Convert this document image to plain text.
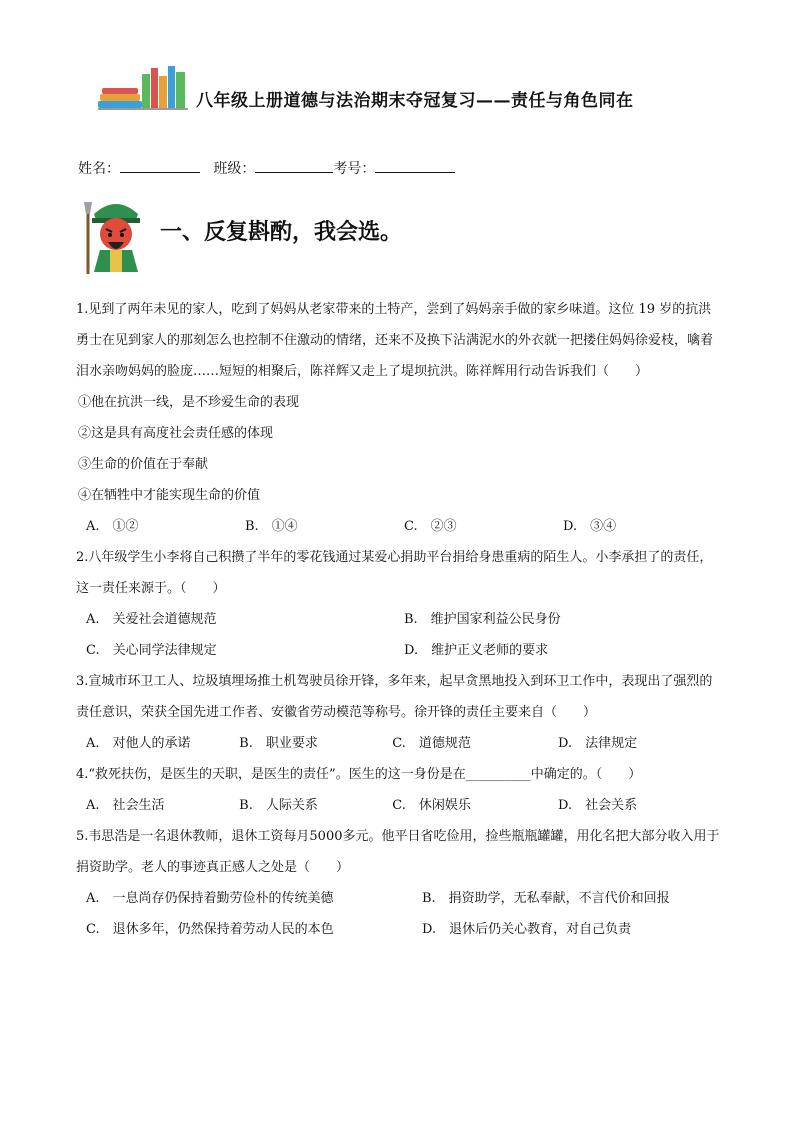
八年级上册道德与法治期末夺冠复习——责任与角色同在
姓名：	班级：	考号：
一、反复斟酌，我会选。

1.见到了两年未见的家人，吃到了妈妈从老家带来的土特产，尝到了妈妈亲手做的家乡味道。这位 19 岁的抗洪勇士在见到家人的那刻怎么也控制不住激动的情绪，还来不及换下沾满泥水的外衣就一把搂住妈妈徐爱枝，噙着泪水亲吻妈妈的脸庞……短短的相聚后，陈祥辉又走上了堤坝抗洪。陈祥辉用行动告诉我们（　　）

①他在抗洪一线，是不珍爱生命的表现

②这是具有高度社会责任感的体现

③生命的价值在于奉献

④在牺牲中才能实现生命的价值

A.　①②	B.　①④	C.　②③	D.　③④

2.八年级学生小李将自己积攒了半年的零花钱通过某爱心捐助平台捐给身患重病的陌生人。小李承担了的责任，这一责任来源于。（　　）

A.　关爱社会道德规范	B.　维护国家利益公民身份
C.　关心同学法律规定	D.　维护正义老师的要求

3.宣城市环卫工人、垃圾填埋场推土机驾驶员徐开锋，多年来，起早贪黑地投入到环卫工作中，表现出了强烈的责任意识，荣获全国先进工作者、安徽省劳动模范等称号。徐开锋的责任主要来自（　　）

A.　对他人的承诺	B.　职业要求	C.　道德规范	D.　法律规定

4.“救死扶伤，是医生的天职，是医生的责任”。医生的这一身份是在__________中确定的。（　　）

A.　社会生活	B.　人际关系	C.　休闲娱乐	D.　社会关系

5.韦思浩是一名退休教师，退休工资每月5000多元。他平日省吃俭用，捡些瓶瓶罐罐，用化名把大部分收入用于捐资助学。老人的事迹真正感人之处是（　　）

A.　一息尚存仍保持着勤劳俭朴的传统美德	B.　捐资助学，无私奉献，不言代价和回报
C.　退休多年，仍然保持着劳动人民的本色	D.　退休后仍关心教育，对自己负责
